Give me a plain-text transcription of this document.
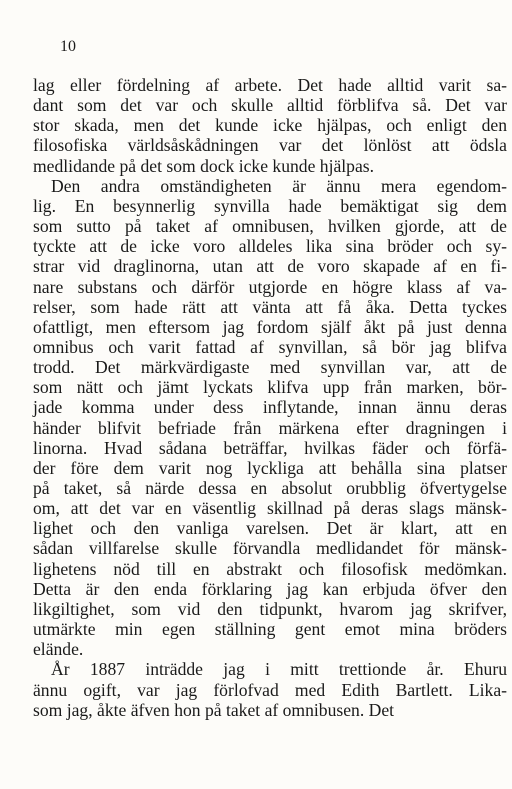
10
lag eller fördelning af arbete. Det hade alltid varit sa-
dant som det var och skulle alltid förblifva så. Det var
stor skada, men det kunde icke hjälpas, och enligt den
filosofiska världsåskådningen var det lönlöst att ödsla
medlidande på det som dock icke kunde hjälpas.
Den andra omständigheten är ännu mera egendom-
lig. En besynnerlig synvilla hade bemäktigat sig dem
som sutto på taket af omnibusen, hvilken gjorde, att de
tyckte att de icke voro alldeles lika sina bröder och sy-
strar vid draglinorna, utan att de voro skapade af en fi-
nare substans och därför utgjorde en högre klass af va-
relser, som hade rätt att vänta att få åka. Detta tyckes
ofattligt, men eftersom jag fordom själf åkt på just denna
omnibus och varit fattad af synvillan, så bör jag blifva
trodd. Det märkvärdigaste med synvillan var, att de
som nätt och jämt lyckats klifva upp från marken, bör-
jade komma under dess inflytande, innan ännu deras
händer blifvit befriade från märkena efter dragningen i
linorna. Hvad sådana beträffar, hvilkas fäder och förfä-
der före dem varit nog lyckliga att behålla sina platser
på taket, så närde dessa en absolut orubblig öfvertygelse
om, att det var en väsentlig skillnad på deras slags mänsk-
lighet och den vanliga varelsen. Det är klart, att en
sådan villfarelse skulle förvandla medlidandet för mänsk-
lighetens nöd till en abstrakt och filosofisk medömkan.
Detta är den enda förklaring jag kan erbjuda öfver den
likgiltighet, som vid den tidpunkt, hvarom jag skrifver,
utmärkte min egen ställning gent emot mina bröders
elände.
År 1887 inträdde jag i mitt trettionde år. Ehuru
ännu ogift, var jag förlofvad med Edith Bartlett. Lika-
som jag, åkte äfven hon på taket af omnibusen. Det
